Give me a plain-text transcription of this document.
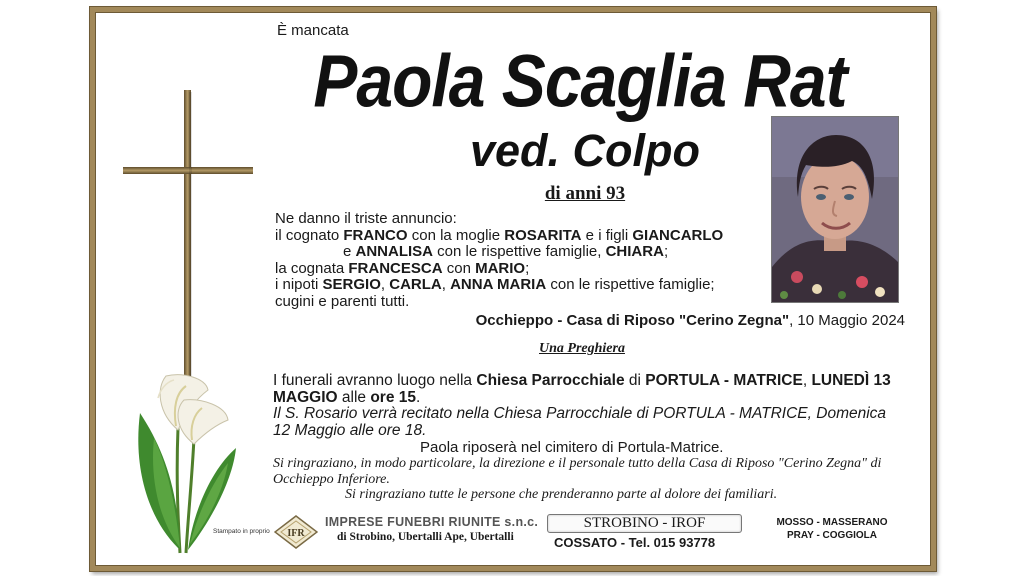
È mancata
Paola Scaglia Rat
ved. Colpo
di anni 93
Ne danno il triste annuncio:
il cognato FRANCO con la moglie ROSARITA e i figli GIANCARLO
e ANNALISA con le rispettive famiglie, CHIARA;
la cognata FRANCESCA con MARIO;
i nipoti SERGIO, CARLA, ANNA MARIA con le rispettive famiglie;
cugini e parenti tutti.
Occhieppo - Casa di Riposo "Cerino Zegna", 10 Maggio 2024
Una Preghiera
I funerali avranno luogo nella Chiesa Parrocchiale di PORTULA - MATRICE, LUNEDÌ 13 MAGGIO alle ore 15.
Il S. Rosario verrà recitato nella Chiesa Parrocchiale di PORTULA - MATRICE, Domenica 12 Maggio alle ore 18.
Paola riposerà nel cimitero di Portula-Matrice.
Si ringraziano, in modo particolare, la direzione e il personale tutto della Casa di Riposo "Cerino Zegna" di Occhieppo Inferiore.
Si ringraziano tutte le persone che prenderanno parte al dolore dei familiari.
Stampato in proprio IFR
IMPRESE FUNEBRI RIUNITE s.n.c.
di Strobino, Ubertalli Ape, Ubertalli
STROBINO - IROF
COSSATO - Tel. 015 93778
MOSSO - MASSERANO
PRAY - COGGIOLA
